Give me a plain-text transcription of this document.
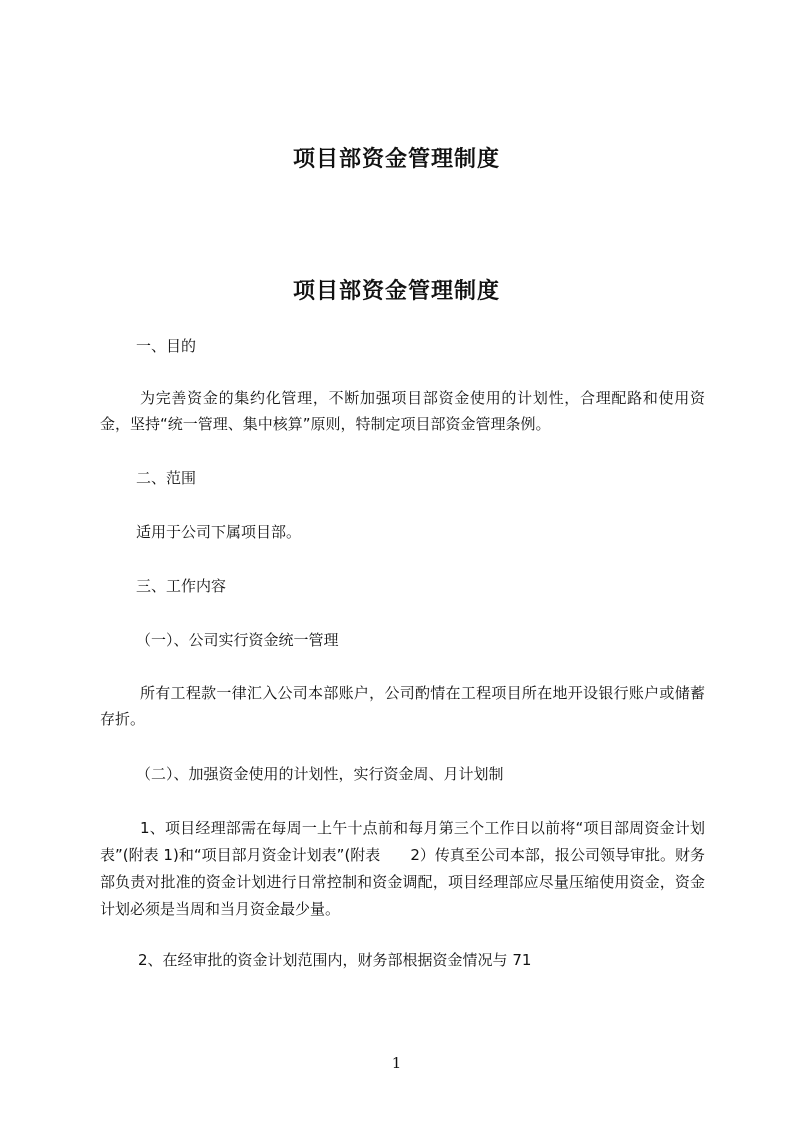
项目部资金管理制度
项目部资金管理制度

一、目的

为完善资金的集约化管理，不断加强项目部资金使用的计划性，合理配路和使用资金，坚持“统一管理、集中核算”原则，特制定项目部资金管理条例。

二、范围

适用于公司下属项目部。

三、工作内容

（一）、公司实行资金统一管理

所有工程款一律汇入公司本部账户，公司酌情在工程项目所在地开设银行账户或储蓄存折。

（二）、加强资金使用的计划性，实行资金周、月计划制

1、项目经理部需在每周一上午十点前和每月第三个工作日以前将“项目部周资金计划表”(附表 1)和“项目部月资金计划表”(附表　　2）传真至公司本部，报公司领导审批。财务部负责对批准的资金计划进行日常控制和资金调配，项目经理部应尽量压缩使用资金，资金计划必须是当周和当月资金最少量。

2、在经审批的资金计划范围内，财务部根据资金情况与 71

1
